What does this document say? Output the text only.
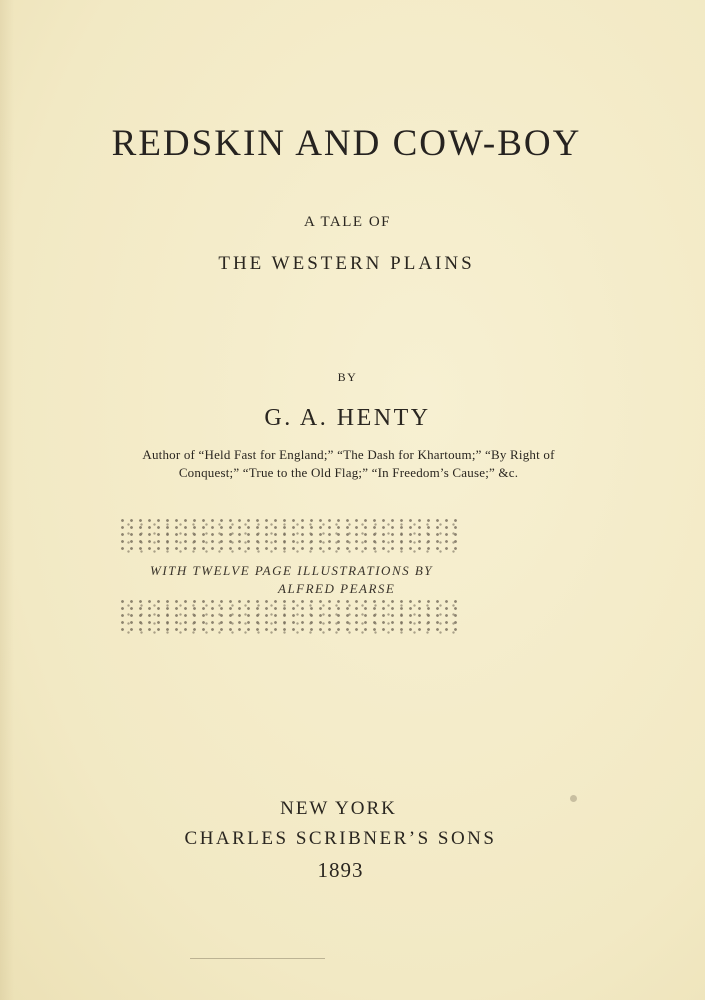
REDSKIN AND COW-BOY
A TALE OF
THE WESTERN PLAINS
BY
G. A. HENTY
Author of “Held Fast for England;” “The Dash for Khartoum;” “By Right of
Conquest;” “True to the Old Flag;” “In Freedom’s Cause;” &c.
WITH TWELVE PAGE ILLUSTRATIONS BY
ALFRED PEARSE
NEW YORK
CHARLES SCRIBNER’S SONS
1893
